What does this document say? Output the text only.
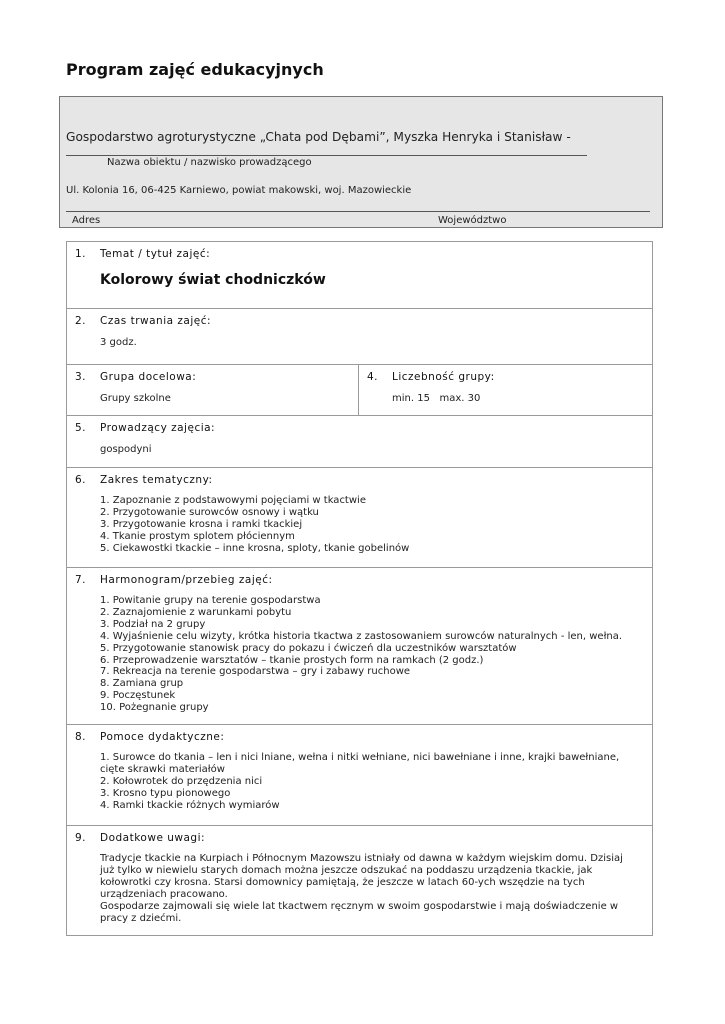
Program zajęć edukacyjnych
Gospodarstwo agroturystyczne „Chata pod Dębami”, Myszka Henryka i Stanisław -
Nazwa obiektu / nazwisko prowadzącego
Ul. Kolonia 16, 06-425 Karniewo, powiat makowski, woj. Mazowieckie
Adres	Województwo
1. Temat / tytuł zajęć:
Kolorowy świat chodniczków
2. Czas trwania zajęć:
3 godz.
3. Grupa docelowa:
Grupy szkolne
4. Liczebność grupy:
min. 15   max. 30
5. Prowadzący zajęcia:
gospodyni
6. Zakres tematyczny:
1. Zapoznanie z podstawowymi pojęciami w tkactwie
2. Przygotowanie surowców osnowy i wątku
3. Przygotowanie krosna i ramki tkackiej
4. Tkanie prostym splotem płóciennym
5. Ciekawostki tkackie – inne krosna, sploty, tkanie gobelinów
7. Harmonogram/przebieg zajęć:
1. Powitanie grupy na terenie gospodarstwa
2. Zaznajomienie z warunkami pobytu
3. Podział na 2 grupy
4. Wyjaśnienie celu wizyty, krótka historia tkactwa z zastosowaniem surowców naturalnych - len, wełna.
5. Przygotowanie stanowisk pracy do pokazu i ćwiczeń dla uczestników warsztatów
6. Przeprowadzenie warsztatów – tkanie prostych form na ramkach (2 godz.)
7. Rekreacja na terenie gospodarstwa – gry i zabawy ruchowe
8. Zamiana grup
9. Poczęstunek
10. Pożegnanie grupy
8. Pomoce dydaktyczne:
1. Surowce do tkania – len i nici lniane, wełna i nitki wełniane, nici bawełniane i inne, krajki bawełniane,
cięte skrawki materiałów
2. Kołowrotek do przędzenia nici
3. Krosno typu pionowego
4. Ramki tkackie różnych wymiarów
9. Dodatkowe uwagi:
Tradycje tkackie na Kurpiach i Północnym Mazowszu istniały od dawna w każdym wiejskim domu. Dzisiaj już tylko w niewielu starych domach można jeszcze odszukać na poddaszu urządzenia tkackie, jak kołowrotki czy krosna. Starsi domownicy pamiętają, że jeszcze w latach 60-ych wszędzie na tych urządzeniach pracowano.
Gospodarze zajmowali się wiele lat tkactwem ręcznym w swoim gospodarstwie i mają doświadczenie w pracy z dziećmi.
